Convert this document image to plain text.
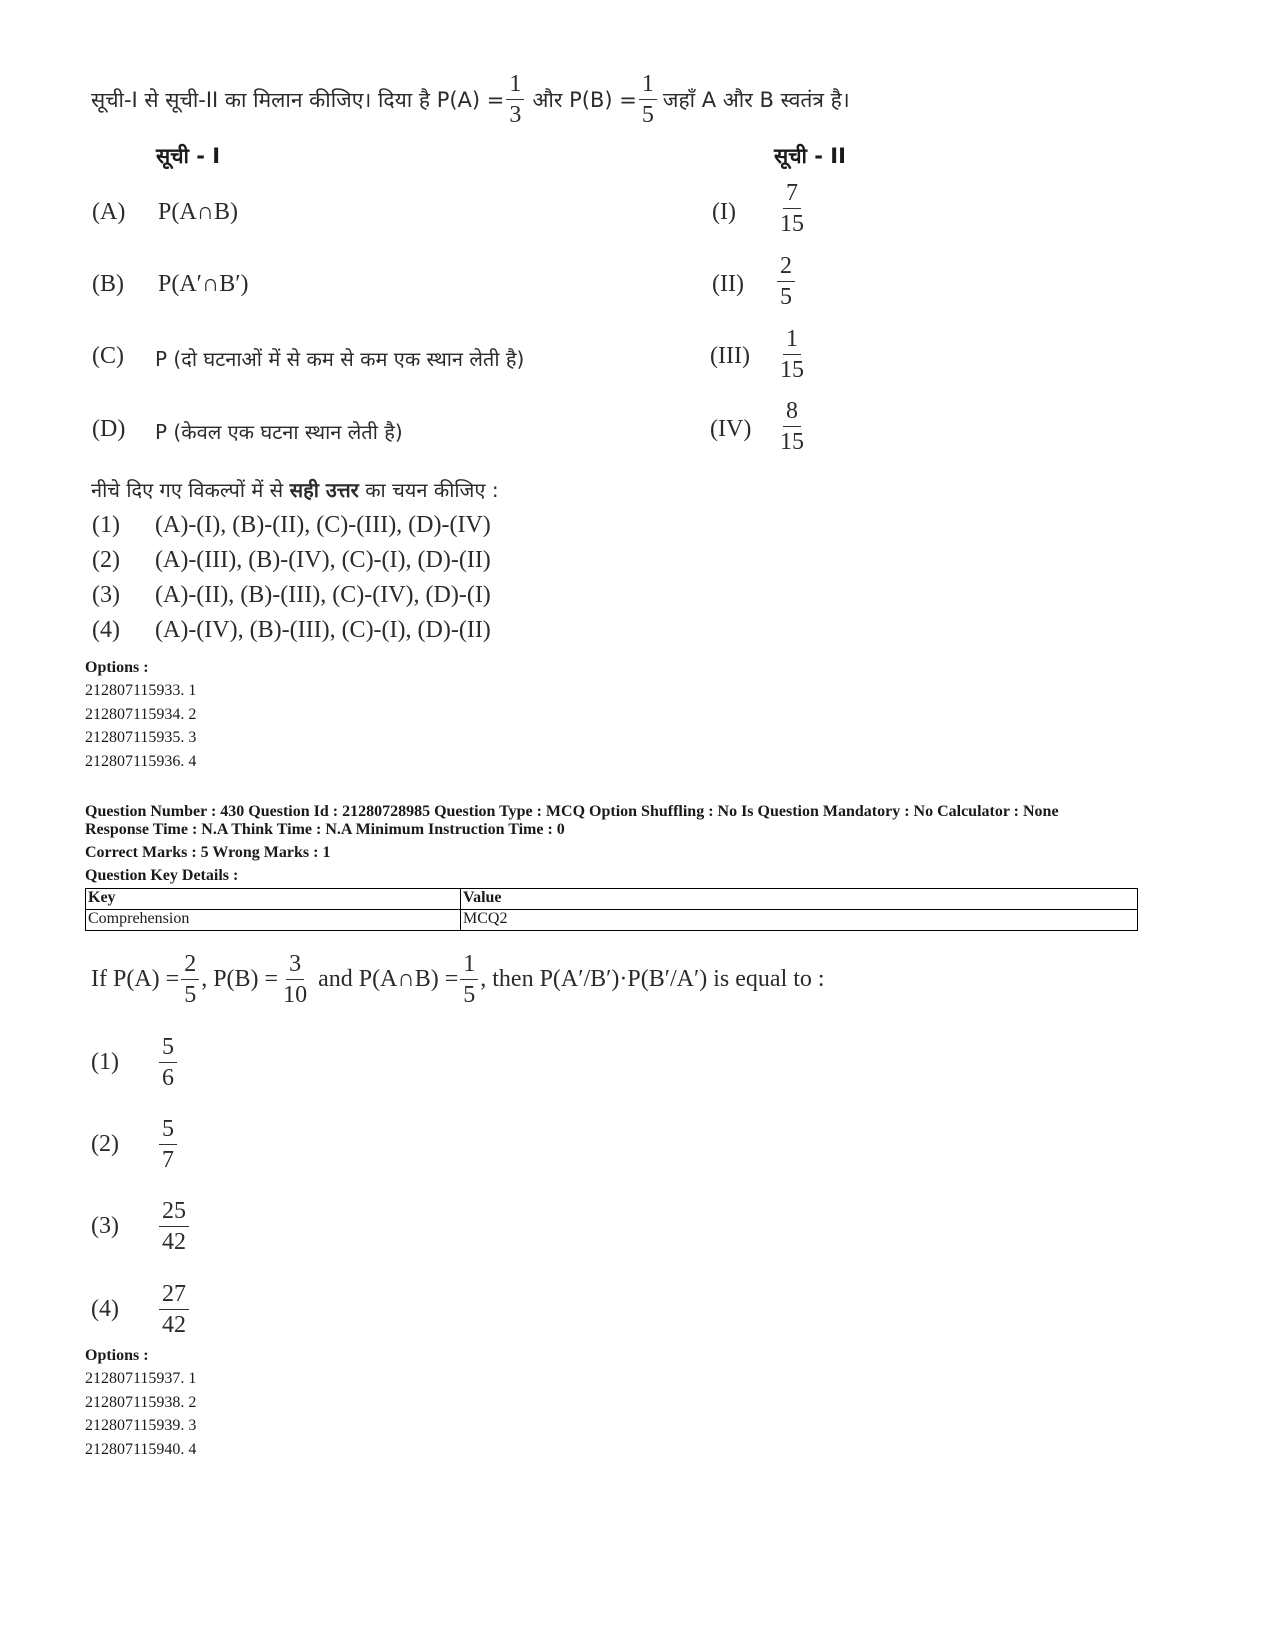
सूची-I से सूची-II का मिलान कीजिए। दिया है $P(A) = \frac{1}{3}$ और $P(B) = \frac{1}{5}$ जहाँ A और B स्वतंत्र है।
सूची - I	सूची - II
(A) P(A∩B)	$(I) \frac{7}{15}$
(B) P(A′∩B′)	$(II) \frac{2}{5}$
(C) P (दो घटनाओं में से कम से कम एक स्थान लेती है)	$(III) \frac{1}{15}$
(D) P (केवल एक घटना स्थान लेती है)	$(IV) \frac{8}{15}$
नीचे दिए गए विकल्पों में से सही उत्तर का चयन कीजिए :
(1) (A)-(I), (B)-(II), (C)-(III), (D)-(IV)
(2) (A)-(III), (B)-(IV), (C)-(I), (D)-(II)
(3) (A)-(II), (B)-(III), (C)-(IV), (D)-(I)
(4) (A)-(IV), (B)-(III), (C)-(I), (D)-(II)
Options :
212807115933. 1
212807115934. 2
212807115935. 3
212807115936. 4
Question Number : 430 Question Id : 21280728985 Question Type : MCQ Option Shuffling : No Is Question Mandatory : No Calculator : None
Response Time : N.A Think Time : N.A Minimum Instruction Time : 0
Correct Marks : 5 Wrong Marks : 1
Question Key Details :
Key	Value
Comprehension	MCQ2
If $P(A) = \frac{2}{5}$ , $P(B) = \frac{3}{10}$ and P(A∩B) = $\frac{1}{5}$ , then P(A′/B′)·P(B′/A′) is equal to :
(1)	$\frac{5}{6}$
(2)	$\frac{5}{7}$
(3)	$\frac{25}{42}$
(4)	$\frac{27}{42}$
Options :
212807115937. 1
212807115938. 2
212807115939. 3
212807115940. 4
